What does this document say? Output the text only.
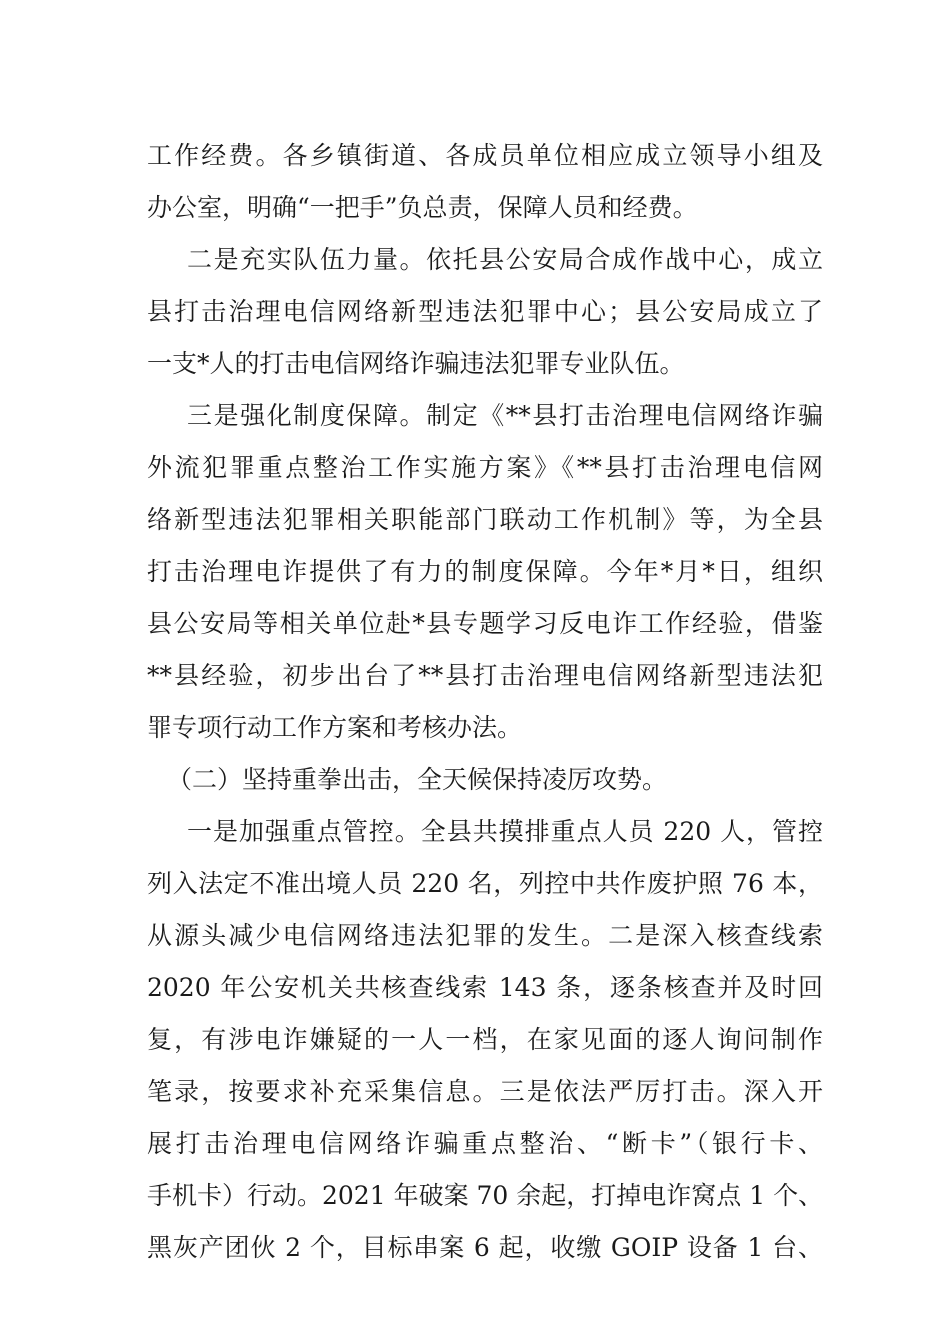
工作经费。各乡镇街道、各成员单位相应成立领导小组及
办公室，明确“一把手”负总责，保障人员和经费。
二是充实队伍力量。依托县公安局合成作战中心，成立
县打击治理电信网络新型违法犯罪中心；县公安局成立了
一支*人的打击电信网络诈骗违法犯罪专业队伍。
三是强化制度保障。制定《**县打击治理电信网络诈骗
外流犯罪重点整治工作实施方案》《**县打击治理电信网
络新型违法犯罪相关职能部门联动工作机制》等，为全县
打击治理电诈提供了有力的制度保障。今年*月*日，组织
县公安局等相关单位赴*县专题学习反电诈工作经验，借鉴
**县经验，初步出台了**县打击治理电信网络新型违法犯
罪专项行动工作方案和考核办法。
（二）坚持重拳出击，全天候保持凌厉攻势。
一是加强重点管控。全县共摸排重点人员 220 人，管控
列入法定不准出境人员 220 名，列控中共作废护照 76 本，
从源头减少电信网络违法犯罪的发生。二是深入核查线索
2020 年公安机关共核查线索 143 条，逐条核查并及时回
复，有涉电诈嫌疑的一人一档，在家见面的逐人询问制作
笔录，按要求补充采集信息。三是依法严厉打击。深入开
展打击治理电信网络诈骗重点整治、“断卡”（银行卡、
手机卡）行动。2021 年破案 70 余起，打掉电诈窝点 1 个、
黑灰产团伙 2 个，目标串案 6 起，收缴 GOIP 设备 1 台、
